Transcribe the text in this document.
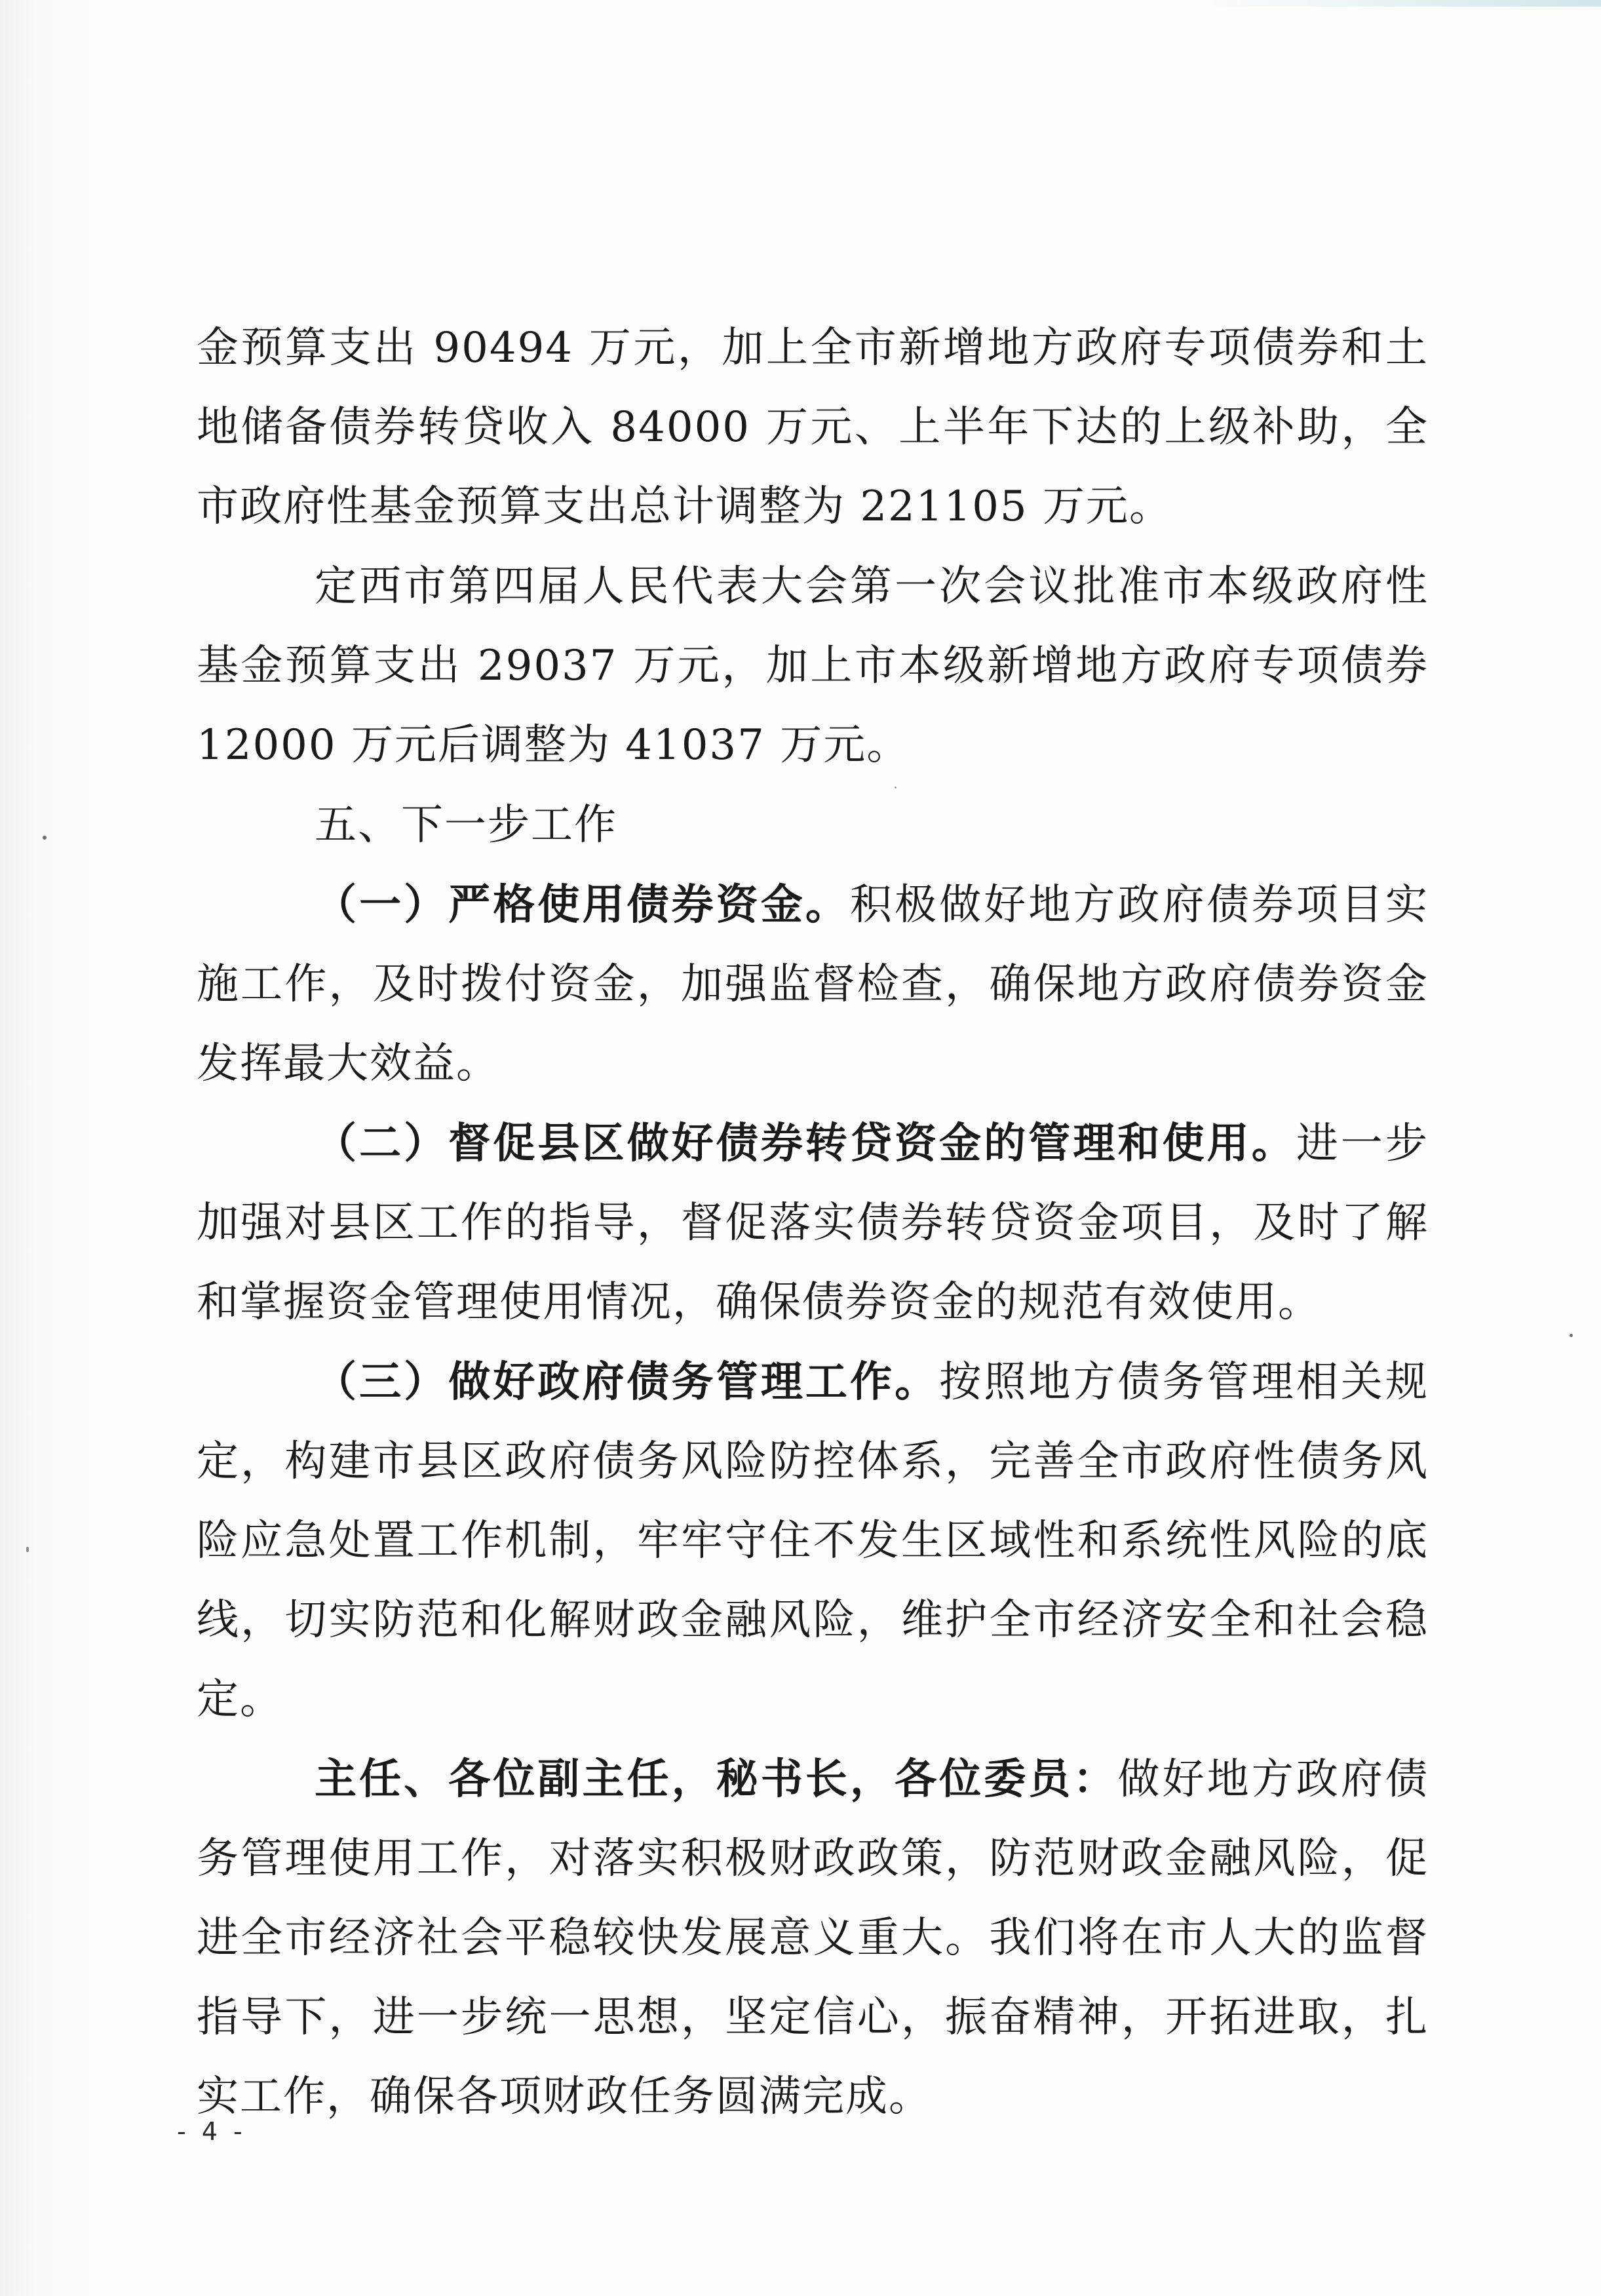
金预算支出 90494 万元，加上全市新增地方政府专项债券和土地储备债券转贷收入 84000 万元、上半年下达的上级补助，全市政府性基金预算支出总计调整为 221105 万元。

定西市第四届人民代表大会第一次会议批准市本级政府性基金预算支出 29037 万元，加上市本级新增地方政府专项债券 12000 万元后调整为 41037 万元。

五、下一步工作

（一）严格使用债券资金。积极做好地方政府债券项目实施工作，及时拨付资金，加强监督检查，确保地方政府债券资金发挥最大效益。

（二）督促县区做好债券转贷资金的管理和使用。进一步加强对县区工作的指导，督促落实债券转贷资金项目，及时了解和掌握资金管理使用情况，确保债券资金的规范有效使用。

（三）做好政府债务管理工作。按照地方债务管理相关规定，构建市县区政府债务风险防控体系，完善全市政府性债务风险应急处置工作机制，牢牢守住不发生区域性和系统性风险的底线，切实防范和化解财政金融风险，维护全市经济安全和社会稳定。

主任、各位副主任，秘书长，各位委员：做好地方政府债务管理使用工作，对落实积极财政政策，防范财政金融风险，促进全市经济社会平稳较快发展意义重大。我们将在市人大的监督指导下，进一步统一思想，坚定信心，振奋精神，开拓进取，扎实工作，确保各项财政任务圆满完成。

- 4 -
